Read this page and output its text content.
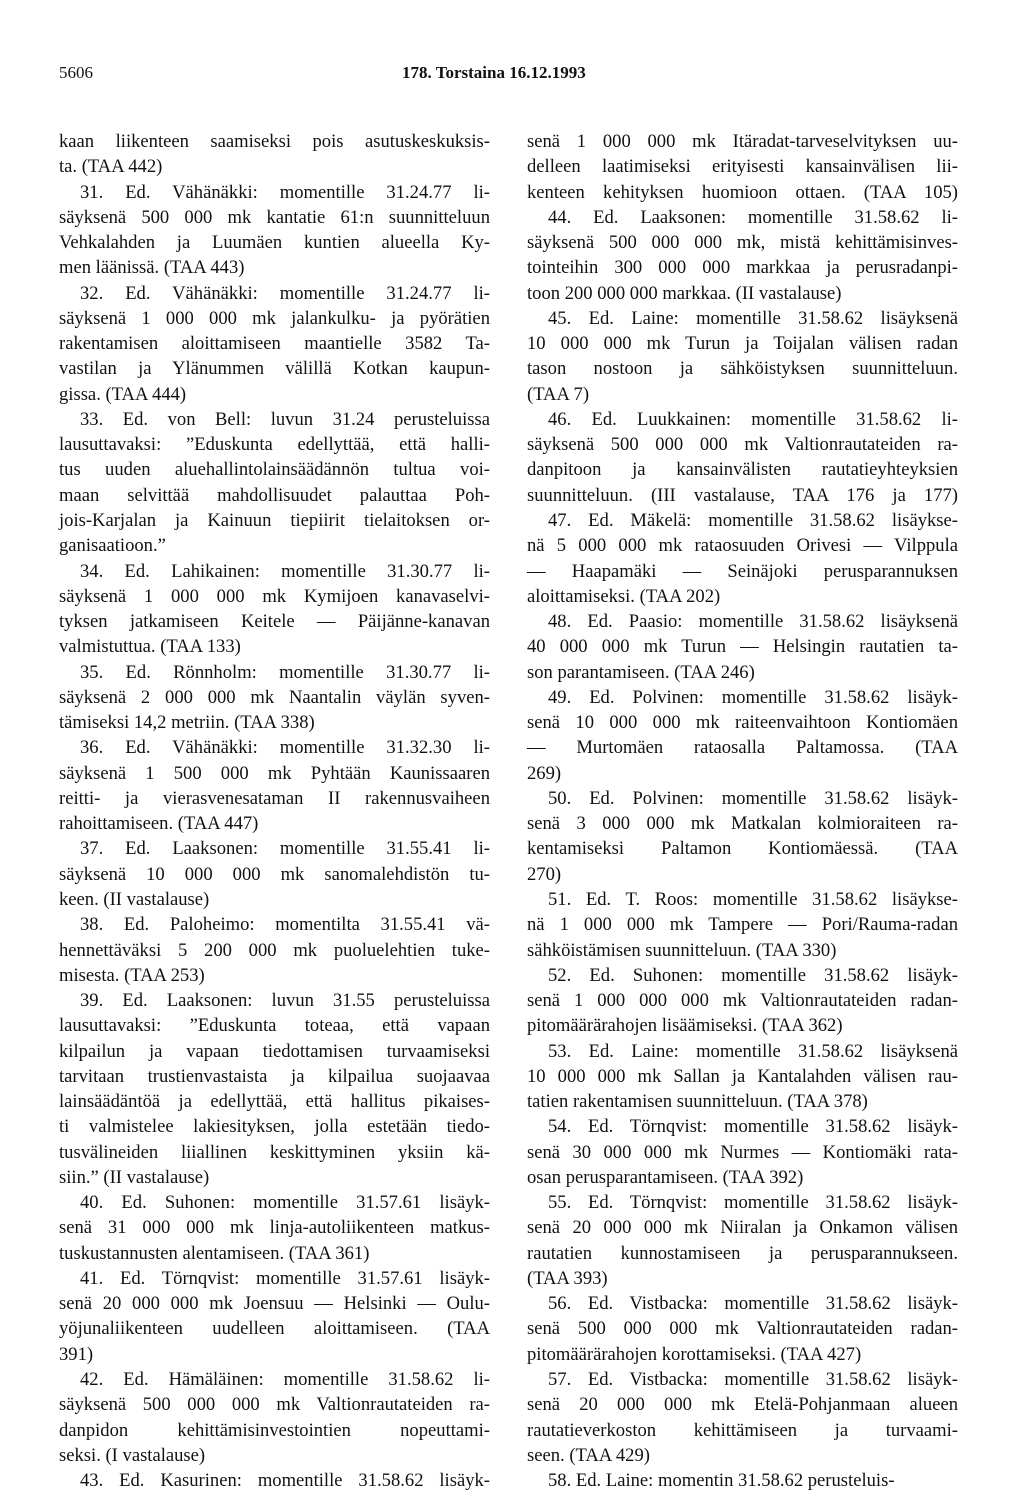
5606	178. Torstaina 16.12.1993
kaan liikenteen saamiseksi pois asutuskeskuksis-
ta. (TAA 442)
31. Ed. Vähänäkki: momentille 31.24.77 li-
säyksenä 500 000 mk kantatie 61:n suunnitteluun
Vehkalahden ja Luumäen kuntien alueella Ky-
men läänissä. (TAA 443)
32. Ed. Vähänäkki: momentille 31.24.77 li-
säyksenä 1 000 000 mk jalankulku- ja pyörätien
rakentamisen aloittamiseen maantielle 3582 Ta-
vastilan ja Ylänummen välillä Kotkan kaupun-
gissa. (TAA 444)
33. Ed. von Bell: luvun 31.24 perusteluissa
lausuttavaksi: ”Eduskunta edellyttää, että halli-
tus uuden aluehallintolainsäädännön tultua voi-
maan selvittää mahdollisuudet palauttaa Poh-
jois-Karjalan ja Kainuun tiepiirit tielaitoksen or-
ganisaatioon.”
34. Ed. Lahikainen: momentille 31.30.77 li-
säyksenä 1 000 000 mk Kymijoen kanavaselvi-
tyksen jatkamiseen Keitele — Päijänne-kanavan
valmistuttua. (TAA 133)
35. Ed. Rönnholm: momentille 31.30.77 li-
säyksenä 2 000 000 mk Naantalin väylän syven-
tämiseksi 14,2 metriin. (TAA 338)
36. Ed. Vähänäkki: momentille 31.32.30 li-
säyksenä 1 500 000 mk Pyhtään Kaunissaaren
reitti- ja vierasvenesataman II rakennusvaiheen
rahoittamiseen. (TAA 447)
37. Ed. Laaksonen: momentille 31.55.41 li-
säyksenä 10 000 000 mk sanomalehdistön tu-
keen. (II vastalause)
38. Ed. Paloheimo: momentilta 31.55.41 vä-
hennettäväksi 5 200 000 mk puoluelehtien tuke-
misesta. (TAA 253)
39. Ed. Laaksonen: luvun 31.55 perusteluissa
lausuttavaksi: ”Eduskunta toteaa, että vapaan
kilpailun ja vapaan tiedottamisen turvaamiseksi
tarvitaan trustienvastaista ja kilpailua suojaavaa
lainsäädäntöä ja edellyttää, että hallitus pikaises-
ti valmistelee lakiesityksen, jolla estetään tiedo-
tusvälineiden liiallinen keskittyminen yksiin kä-
siin.” (II vastalause)
40. Ed. Suhonen: momentille 31.57.61 lisäyk-
senä 31 000 000 mk linja-autoliikenteen matkus-
tuskustannusten alentamiseen. (TAA 361)
41. Ed. Törnqvist: momentille 31.57.61 lisäyk-
senä 20 000 000 mk Joensuu — Helsinki — Oulu-
yöjunaliikenteen uudelleen aloittamiseen. (TAA
391)
42. Ed. Hämäläinen: momentille 31.58.62 li-
säyksenä 500 000 000 mk Valtionrautateiden ra-
danpidon kehittämisinvestointien nopeuttami-
seksi. (I vastalause)
43. Ed. Kasurinen: momentille 31.58.62 lisäyk-
senä 1 000 000 mk Itäradat-tarveselvityksen uu-
delleen laatimiseksi erityisesti kansainvälisen lii-
kenteen kehityksen huomioon ottaen. (TAA 105)
44. Ed. Laaksonen: momentille 31.58.62 li-
säyksenä 500 000 000 mk, mistä kehittämisinves-
tointeihin 300 000 000 markkaa ja perusradanpi-
toon 200 000 000 markkaa. (II vastalause)
45. Ed. Laine: momentille 31.58.62 lisäyksenä
10 000 000 mk Turun ja Toijalan välisen radan
tason nostoon ja sähköistyksen suunnitteluun.
(TAA 7)
46. Ed. Luukkainen: momentille 31.58.62 li-
säyksenä 500 000 000 mk Valtionrautateiden ra-
danpitoon ja kansainvälisten rautatieyhteyksien
suunnitteluun. (III vastalause, TAA 176 ja 177)
47. Ed. Mäkelä: momentille 31.58.62 lisäykse-
nä 5 000 000 mk rataosuuden Orivesi — Vilppula
— Haapamäki — Seinäjoki perusparannuksen
aloittamiseksi. (TAA 202)
48. Ed. Paasio: momentille 31.58.62 lisäyksenä
40 000 000 mk Turun — Helsingin rautatien ta-
son parantamiseen. (TAA 246)
49. Ed. Polvinen: momentille 31.58.62 lisäyk-
senä 10 000 000 mk raiteenvaihtoon Kontiomäen
— Murtomäen rataosalla Paltamossa. (TAA
269)
50. Ed. Polvinen: momentille 31.58.62 lisäyk-
senä 3 000 000 mk Matkalan kolmioraiteen ra-
kentamiseksi Paltamon Kontiomäessä. (TAA
270)
51. Ed. T. Roos: momentille 31.58.62 lisäykse-
nä 1 000 000 mk Tampere — Pori/Rauma-radan
sähköistämisen suunnitteluun. (TAA 330)
52. Ed. Suhonen: momentille 31.58.62 lisäyk-
senä 1 000 000 000 mk Valtionrautateiden radan-
pitomäärärahojen lisäämiseksi. (TAA 362)
53. Ed. Laine: momentille 31.58.62 lisäyksenä
10 000 000 mk Sallan ja Kantalahden välisen rau-
tatien rakentamisen suunnitteluun. (TAA 378)
54. Ed. Törnqvist: momentille 31.58.62 lisäyk-
senä 30 000 000 mk Nurmes — Kontiomäki rata-
osan perusparantamiseen. (TAA 392)
55. Ed. Törnqvist: momentille 31.58.62 lisäyk-
senä 20 000 000 mk Niiralan ja Onkamon välisen
rautatien kunnostamiseen ja perusparannukseen.
(TAA 393)
56. Ed. Vistbacka: momentille 31.58.62 lisäyk-
senä 500 000 000 mk Valtionrautateiden radan-
pitomäärärahojen korottamiseksi. (TAA 427)
57. Ed. Vistbacka: momentille 31.58.62 lisäyk-
senä 20 000 000 mk Etelä-Pohjanmaan alueen
rautatieverkoston kehittämiseen ja turvaami-
seen. (TAA 429)
58. Ed. Laine: momentin 31.58.62 perusteluis-
